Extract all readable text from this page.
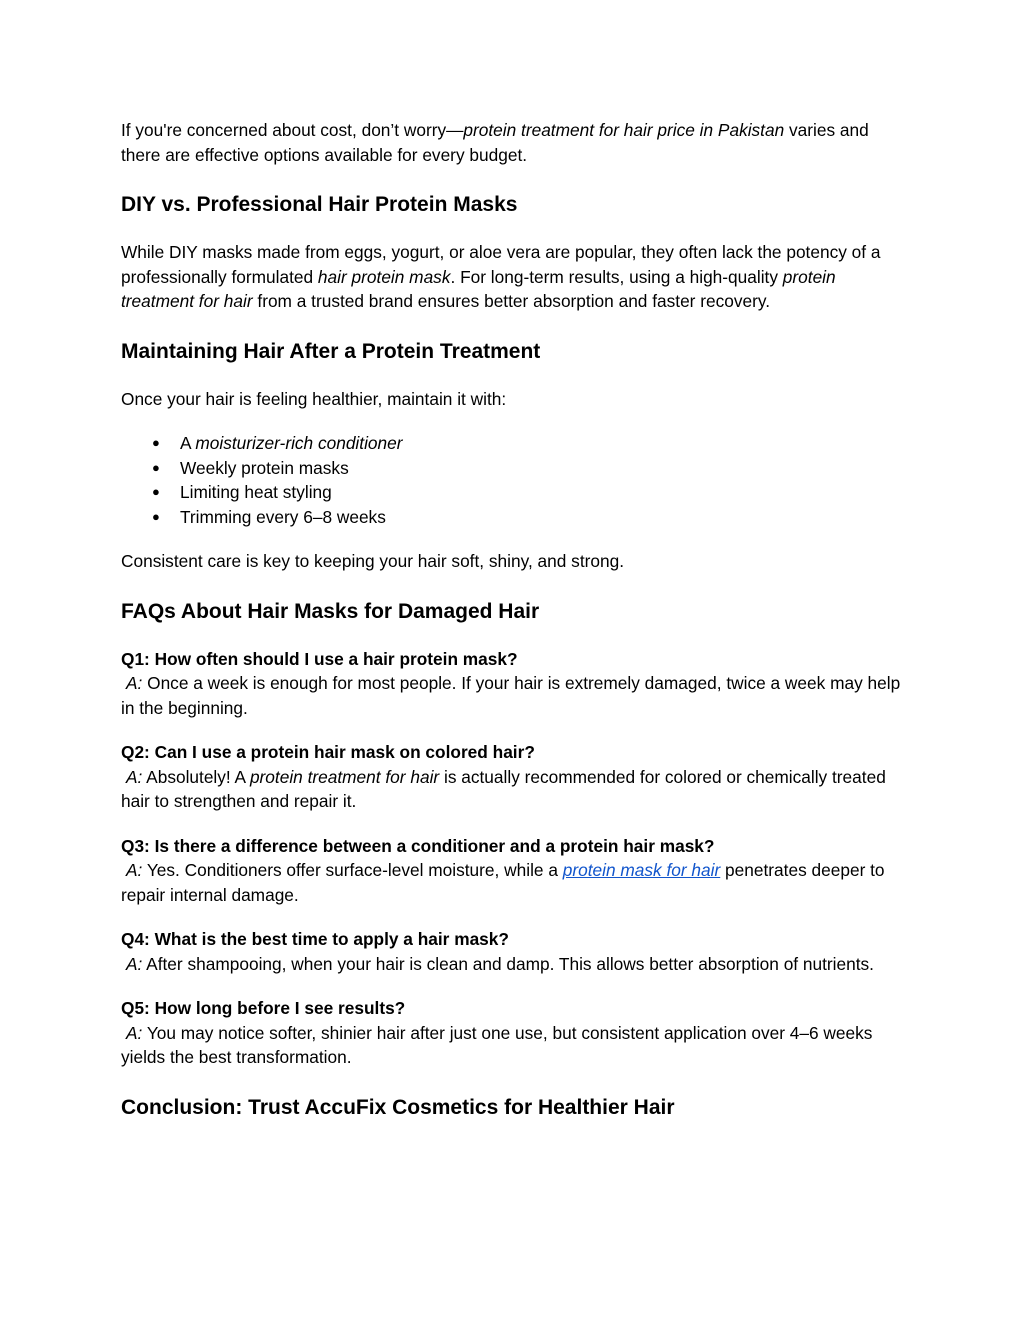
If you're concerned about cost, don’t worry—protein treatment for hair price in Pakistan varies and there are effective options available for every budget.

DIY vs. Professional Hair Protein Masks

While DIY masks made from eggs, yogurt, or aloe vera are popular, they often lack the potency of a professionally formulated hair protein mask. For long-term results, using a high-quality protein treatment for hair from a trusted brand ensures better absorption and faster recovery.

Maintaining Hair After a Protein Treatment

Once your hair is feeling healthier, maintain it with:

● A moisturizer-rich conditioner
● Weekly protein masks
● Limiting heat styling
● Trimming every 6–8 weeks

Consistent care is key to keeping your hair soft, shiny, and strong.

FAQs About Hair Masks for Damaged Hair

Q1: How often should I use a hair protein mask?
A: Once a week is enough for most people. If your hair is extremely damaged, twice a week may help in the beginning.

Q2: Can I use a protein hair mask on colored hair?
A: Absolutely! A protein treatment for hair is actually recommended for colored or chemically treated hair to strengthen and repair it.

Q3: Is there a difference between a conditioner and a protein hair mask?
A: Yes. Conditioners offer surface-level moisture, while a protein mask for hair penetrates deeper to repair internal damage.

Q4: What is the best time to apply a hair mask?
A: After shampooing, when your hair is clean and damp. This allows better absorption of nutrients.

Q5: How long before I see results?
A: You may notice softer, shinier hair after just one use, but consistent application over 4–6 weeks yields the best transformation.

Conclusion: Trust AccuFix Cosmetics for Healthier Hair
